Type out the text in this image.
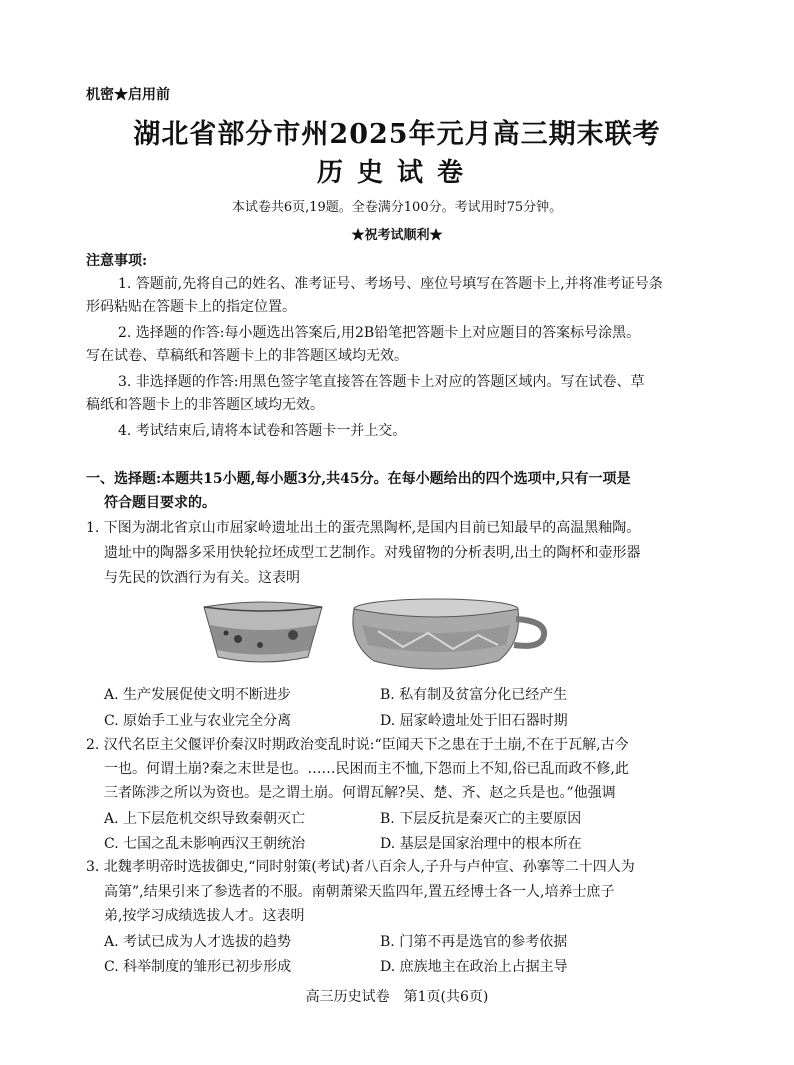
机密★启用前
湖北省部分市州2025年元月高三期末联考
历史试卷
本试卷共6页,19题。全卷满分100分。考试用时75分钟。
★祝考试顺利★
注意事项:
1. 答题前,先将自己的姓名、准考证号、考场号、座位号填写在答题卡上,并将准考证号条
形码粘贴在答题卡上的指定位置。
2. 选择题的作答:每小题选出答案后,用2B铅笔把答题卡上对应题目的答案标号涂黑。
写在试卷、草稿纸和答题卡上的非答题区域均无效。
3. 非选择题的作答:用黑色签字笔直接答在答题卡上对应的答题区域内。写在试卷、草
稿纸和答题卡上的非答题区域均无效。
4. 考试结束后,请将本试卷和答题卡一并上交。
一、选择题:本题共15小题,每小题3分,共45分。在每小题给出的四个选项中,只有一项是
符合题目要求的。
1. 下图为湖北省京山市屈家岭遗址出土的蛋壳黑陶杯,是国内目前已知最早的高温黑釉陶。
遗址中的陶器多采用快轮拉坯成型工艺制作。对残留物的分析表明,出土的陶杯和壶形器
与先民的饮酒行为有关。这表明
A. 生产发展促使文明不断进步	B. 私有制及贫富分化已经产生
C. 原始手工业与农业完全分离	D. 屈家岭遗址处于旧石器时期
2. 汉代名臣主父偃评价秦汉时期政治变乱时说:“臣闻天下之患在于土崩,不在于瓦解,古今
一也。何谓土崩?秦之末世是也。……民困而主不恤,下怨而上不知,俗已乱而政不修,此
三者陈涉之所以为资也。是之谓土崩。何谓瓦解?吴、楚、齐、赵之兵是也。”他强调
A. 上下层危机交织导致秦朝灭亡	B. 下层反抗是秦灭亡的主要原因
C. 七国之乱未影响西汉王朝统治	D. 基层是国家治理中的根本所在
3. 北魏孝明帝时选拔御史,“同时射策(考试)者八百余人,子升与卢仲宣、孙搴等二十四人为
高第”,结果引来了参选者的不服。南朝萧梁天监四年,置五经博士各一人,培养士庶子
弟,按学习成绩选拔人才。这表明
A. 考试已成为人才选拔的趋势	B. 门第不再是选官的参考依据
C. 科举制度的雏形已初步形成	D. 庶族地主在政治上占据主导
高三历史试卷　第1页(共6页)
